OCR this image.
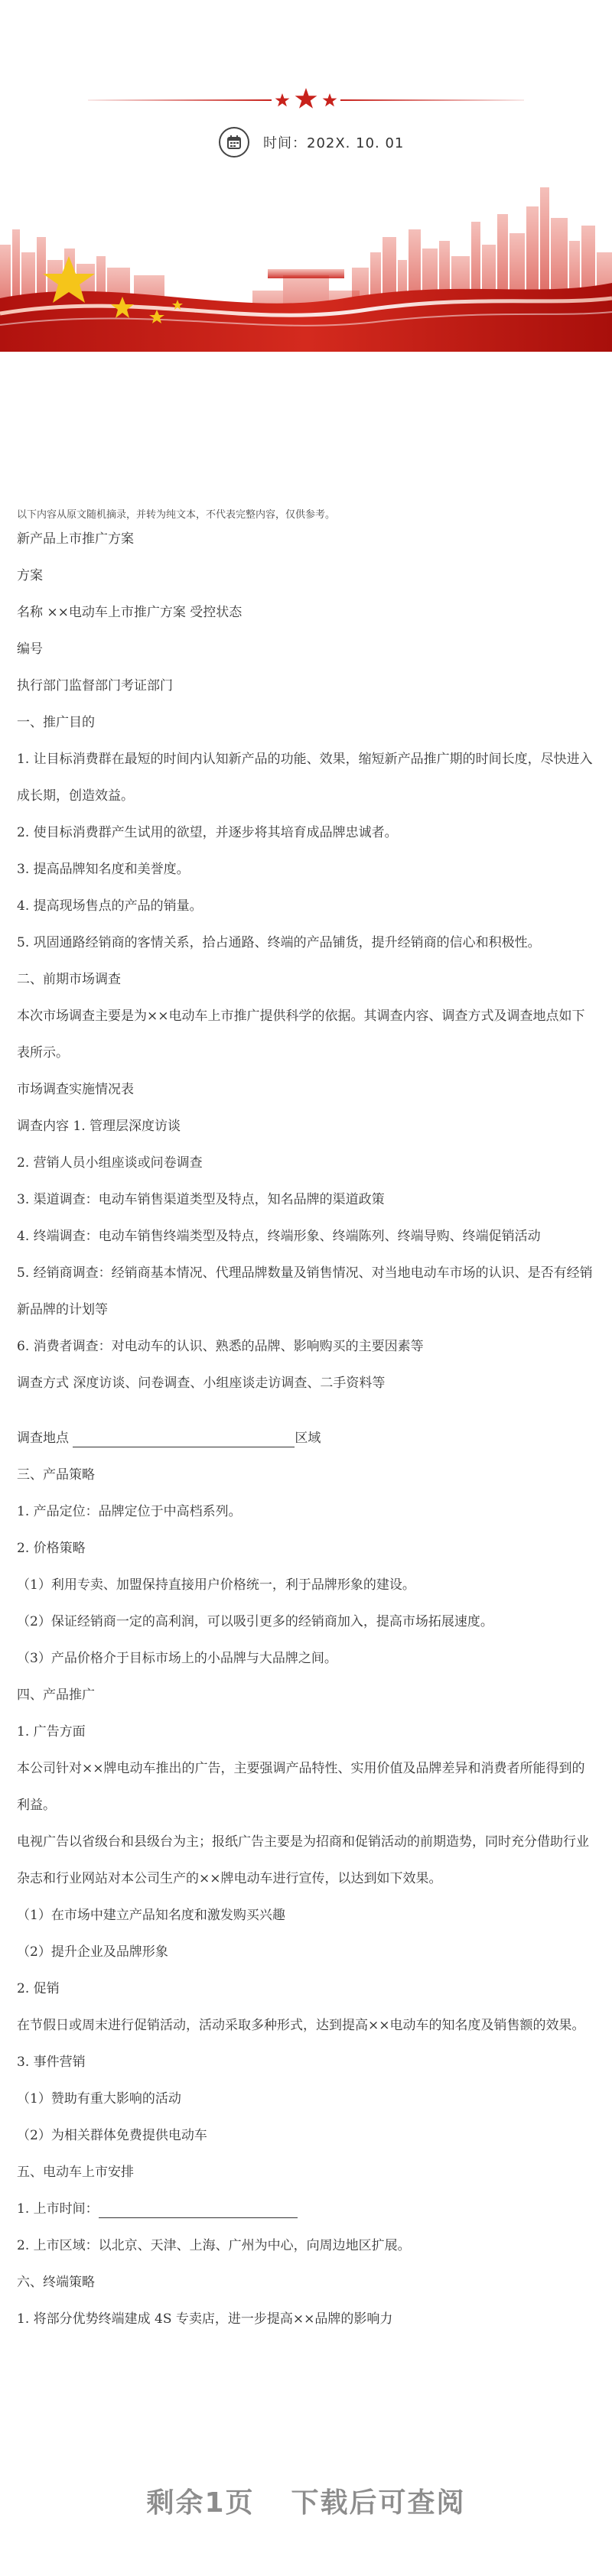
时间：202X. 10. 01

以下内容从原文随机摘录，并转为纯文本，不代表完整内容，仅供参考。

新产品上市推广方案

方案

名称 ××电动车上市推广方案 受控状态

编号

执行部门监督部门考证部门

一、推广目的

1. 让目标消费群在最短的时间内认知新产品的功能、效果，缩短新产品推广期的时间长度，尽快进入成长期，创造效益。

2. 使目标消费群产生试用的欲望，并逐步将其培育成品牌忠诚者。

3. 提高品牌知名度和美誉度。

4. 提高现场售点的产品的销量。

5. 巩固通路经销商的客情关系，拾占通路、终端的产品铺货，提升经销商的信心和积极性。

二、前期市场调查

本次市场调查主要是为××电动车上市推广提供科学的依据。其调查内容、调查方式及调查地点如下表所示。

市场调查实施情况表

调查内容 1. 管理层深度访谈

2. 营销人员小组座谈或问卷调查

3. 渠道调查：电动车销售渠道类型及特点，知名品牌的渠道政策

4. 终端调查：电动车销售终端类型及特点，终端形象、终端陈列、终端导购、终端促销活动

5. 经销商调查：经销商基本情况、代理品牌数量及销售情况、对当地电动车市场的认识、是否有经销新品牌的计划等

6. 消费者调查：对电动车的认识、熟悉的品牌、影响购买的主要因素等

调查方式 深度访谈、问卷调查、小组座谈走访调查、二手资料等

调查地点	区域

三、产品策略

1. 产品定位：品牌定位于中高档系列。

2. 价格策略

（1）利用专卖、加盟保持直接用户价格统一，利于品牌形象的建设。

（2）保证经销商一定的高利润，可以吸引更多的经销商加入，提高市场拓展速度。

（3）产品价格介于目标市场上的小品牌与大品牌之间。

四、产品推广

1. 广告方面

本公司针对××牌电动车推出的广告，主要强调产品特性、实用价值及品牌差异和消费者所能得到的利益。

电视广告以省级台和县级台为主；报纸广告主要是为招商和促销活动的前期造势，同时充分借助行业杂志和行业网站对本公司生产的××牌电动车进行宣传，以达到如下效果。

（1）在市场中建立产品知名度和激发购买兴趣

（2）提升企业及品牌形象

2. 促销

在节假日或周末进行促销活动，活动采取多种形式，达到提高××电动车的知名度及销售额的效果。

3. 事件营销

（1）赞助有重大影响的活动

（2）为相关群体免费提供电动车

五、电动车上市安排

1. 上市时间：

2. 上市区域：以北京、天津、上海、广州为中心，向周边地区扩展。

六、终端策略

1. 将部分优势终端建成 4S 专卖店，进一步提高××品牌的影响力

剩余1页 下载后可查阅
